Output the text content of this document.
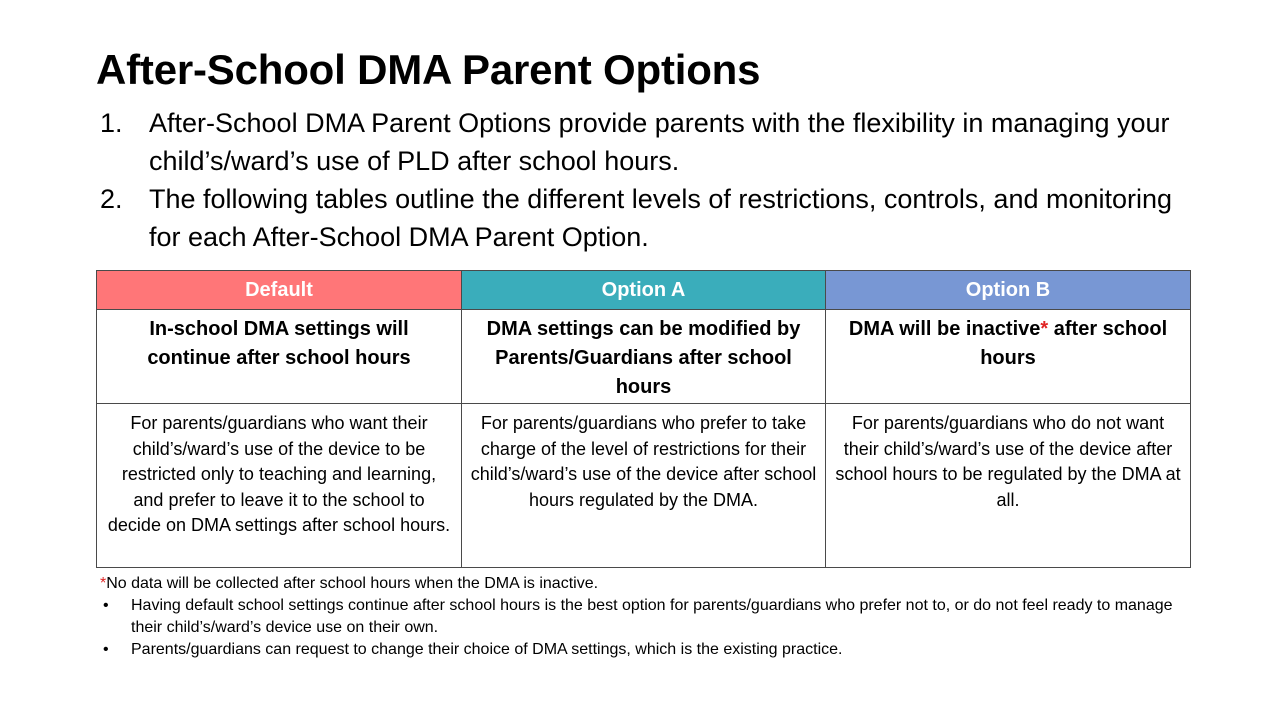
After-School DMA Parent Options
1. After-School DMA Parent Options provide parents with the flexibility in managing your child’s/ward’s use of PLD after school hours.
2. The following tables outline the different levels of restrictions, controls, and monitoring for each After-School DMA Parent Option.
Default	Option A	Option B
In-school DMA settings will continue after school hours	DMA settings can be modified by Parents/Guardians after school hours	DMA will be inactive* after school hours
For parents/guardians who want their child’s/ward’s use of the device to be restricted only to teaching and learning, and prefer to leave it to the school to decide on DMA settings after school hours.	For parents/guardians who prefer to take charge of the level of restrictions for their child’s/ward’s use of the device after school hours regulated by the DMA.	For parents/guardians who do not want their child’s/ward’s use of the device after school hours to be regulated by the DMA at all.

*No data will be collected after school hours when the DMA is inactive.

• Having default school settings continue after school hours is the best option for parents/guardians who prefer not to, or do not feel ready to manage their child’s/ward’s device use on their own.
• Parents/guardians can request to change their choice of DMA settings, which is the existing practice.
